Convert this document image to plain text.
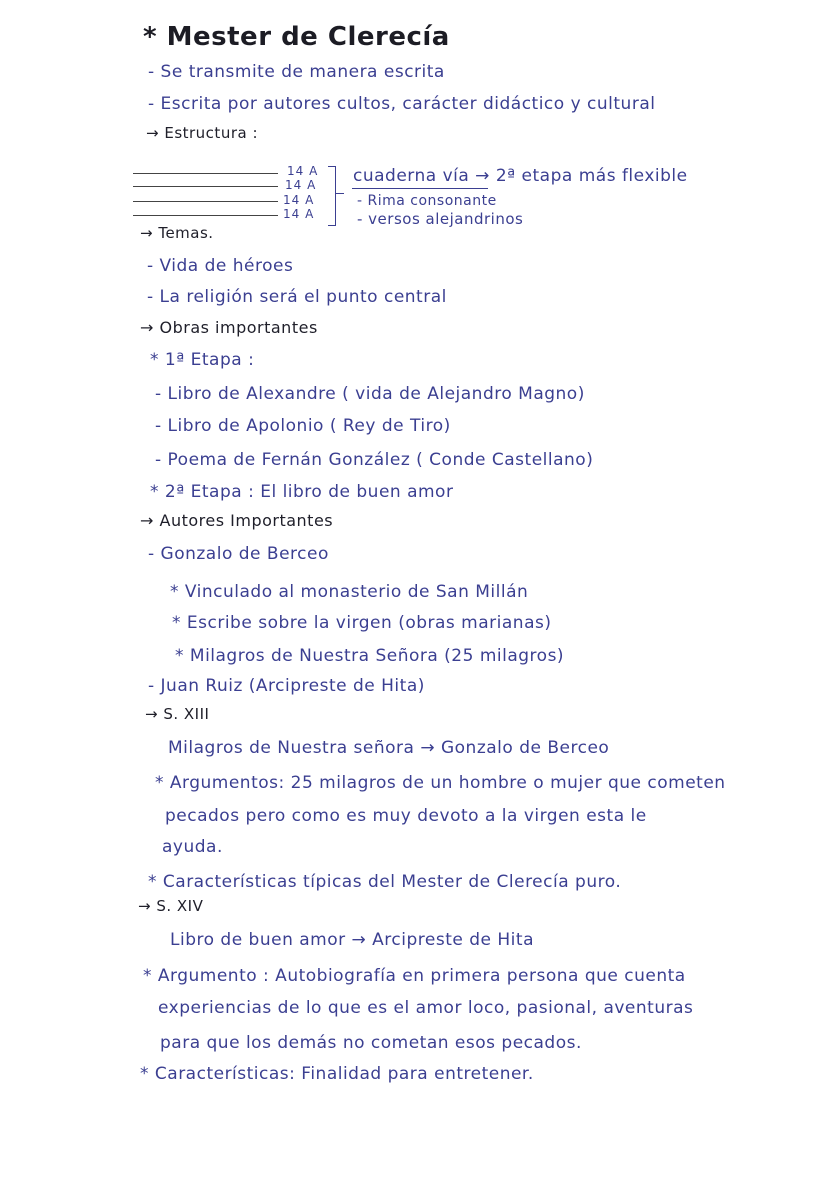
* Mester de Clerecía
- Se transmite de manera escrita
- Escrita por autores cultos, carácter didáctico y cultural
→ Estructura :
14 A
14 A
14 A
14 A
cuaderna vía → 2ª etapa más flexible
- Rima consonante
- versos alejandrinos
→ Temas.
- Vida de héroes
- La religión será el punto central
→ Obras importantes
* 1ª Etapa :
- Libro de Alexandre ( vida de Alejandro Magno)
- Libro de Apolonio ( Rey de Tiro)
- Poema de Fernán González ( Conde Castellano)
* 2ª Etapa : El libro de buen amor
→ Autores Importantes
- Gonzalo de Berceo
* Vinculado al monasterio de San Millán
* Escribe sobre la virgen (obras marianas)
* Milagros de Nuestra Señora (25 milagros)
- Juan Ruiz (Arcipreste de Hita)
→ S. XIII
Milagros de Nuestra señora → Gonzalo de Berceo
* Argumentos: 25 milagros de un hombre o mujer que cometen
pecados pero como es muy devoto a la virgen esta le
ayuda.
* Características típicas del Mester de Clerecía puro.
→ S. XIV
Libro de buen amor → Arcipreste de Hita
* Argumento : Autobiografía en primera persona que cuenta
experiencias de lo que es el amor loco, pasional, aventuras
para que los demás no cometan esos pecados.
* Características: Finalidad para entretener.
